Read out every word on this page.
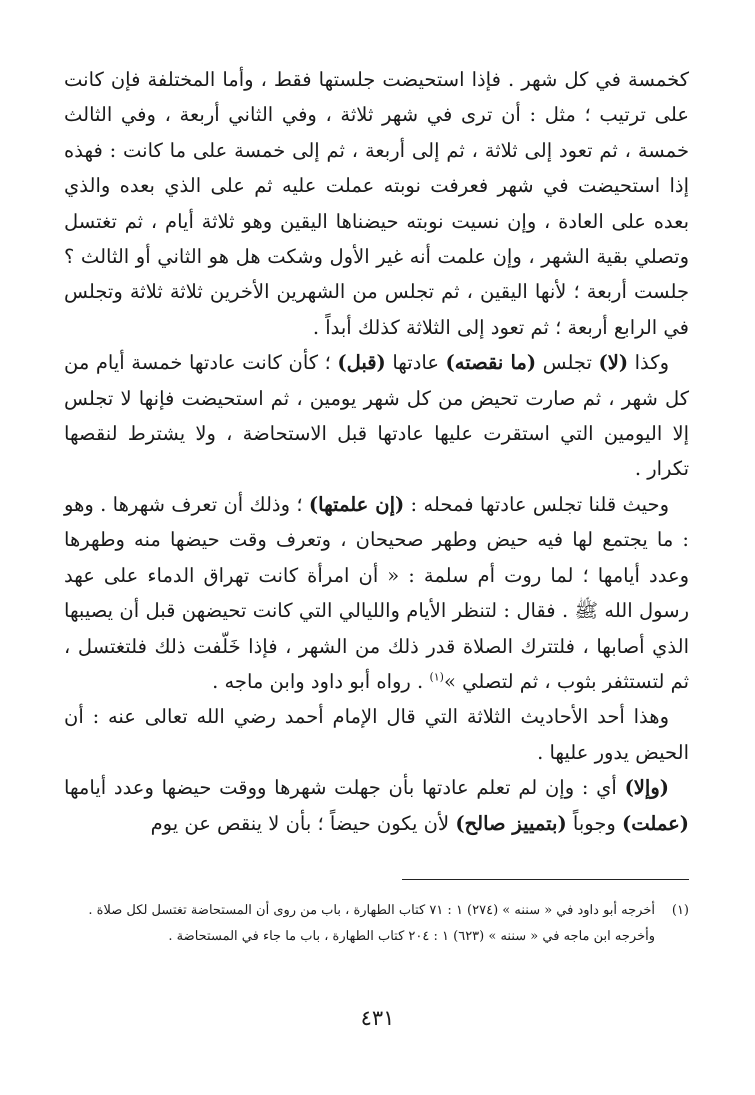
كخمسة في كل شهر . فإذا استحيضت جلستها فقط ، وأما المختلفة فإن كانت على ترتيب ؛ مثل : أن ترى في شهر ثلاثة ، وفي الثاني أربعة ، وفي الثالث خمسة ، ثم تعود إلى ثلاثة ، ثم إلى أربعة ، ثم إلى خمسة على ما كانت : فهذه إذا استحيضت في شهر فعرفت نوبته عملت عليه ثم على الذي بعده والذي بعده على العادة ، وإن نسيت نوبته حيضناها اليقين وهو ثلاثة أيام ، ثم تغتسل وتصلي بقية الشهر ، وإن علمت أنه غير الأول وشكت هل هو الثاني أو الثالث ؟ جلست أربعة ؛ لأنها اليقين ، ثم تجلس من الشهرين الأخرين ثلاثة ثلاثة وتجلس في الرابع أربعة ؛ ثم تعود إلى الثلاثة كذلك أبداً .

وكذا (لا) تجلس (ما نقصته) عادتها (قبل) ؛ كأن كانت عادتها خمسة أيام من كل شهر ، ثم صارت تحيض من كل شهر يومين ، ثم استحيضت فإنها لا تجلس إلا اليومين التي استقرت عليها عادتها قبل الاستحاضة ، ولا يشترط لنقصها تكرار .

وحيث قلنا تجلس عادتها فمحله : (إن علمتها) ؛ وذلك أن تعرف شهرها . وهو : ما يجتمع لها فيه حيض وطهر صحيحان ، وتعرف وقت حيضها منه وطهرها وعدد أيامها ؛ لما روت أم سلمة : « أن امرأة كانت تهراق الدماء على عهد رسول الله ﷺ . فقال : لتنظر الأيام والليالي التي كانت تحيضهن قبل أن يصيبها الذي أصابها ، فلتترك الصلاة قدر ذلك من الشهر ، فإذا خَلّفت ذلك فلتغتسل ، ثم لتستثفر بثوب ، ثم لتصلي »$^{(١)}$ . رواه أبو داود وابن ماجه .

وهذا أحد الأحاديث الثلاثة التي قال الإمام أحمد رضي الله تعالى عنه : أن الحيض يدور عليها .

(وإلا) أي : وإن لم تعلم عادتها بأن جهلت شهرها ووقت حيضها وعدد أيامها (عملت) وجوباً (بتمييز صالح) لأن يكون حيضاً ؛ بأن لا ينقص عن يوم

(١)
أخرجه أبو داود في « سننه » (٢٧٤) ١ : ٧١ كتاب الطهارة ، باب من روى أن المستحاضة تغتسل لكل صلاة .
وأخرجه ابن ماجه في « سننه » (٦٢٣) ١ : ٢٠٤ كتاب الطهارة ، باب ما جاء في المستحاضة .
٤٣١
